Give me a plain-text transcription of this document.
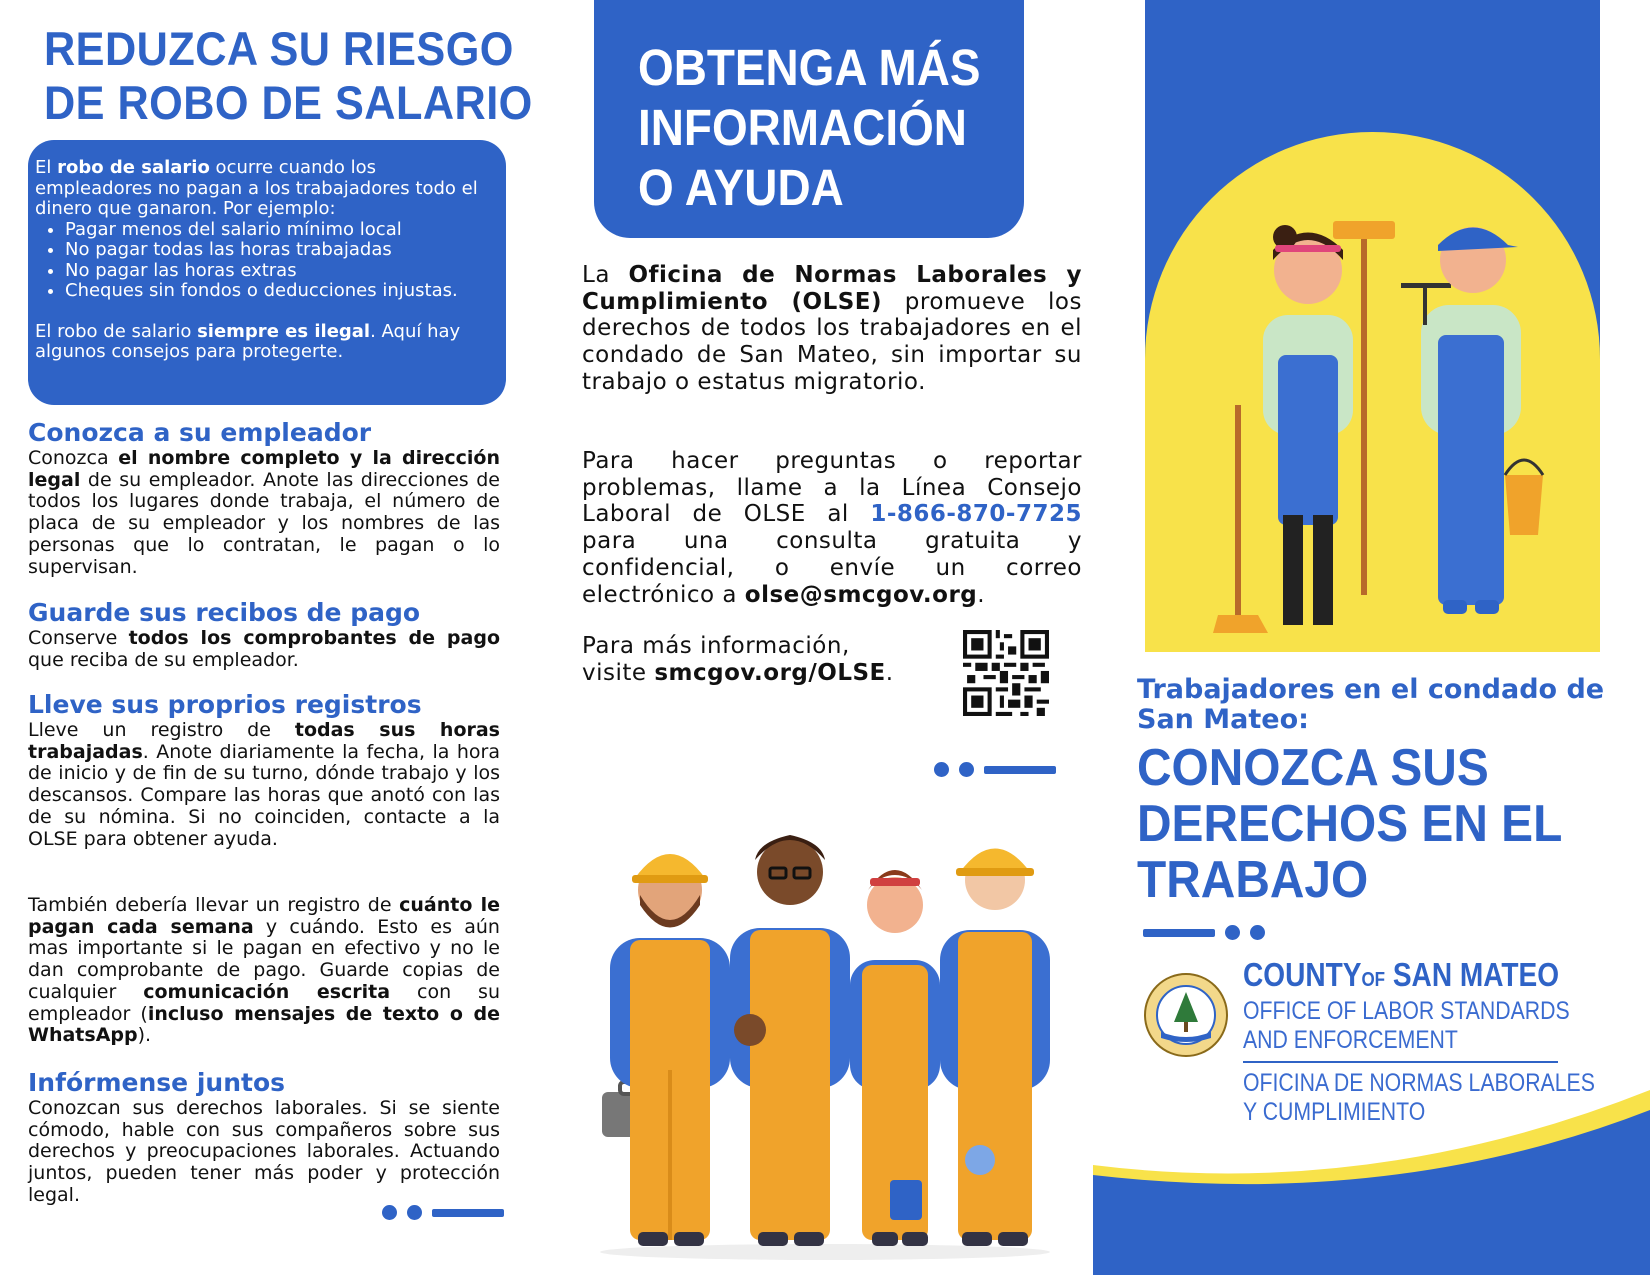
REDUZCA SU RIESGO
DE ROBO DE SALARIO

El robo de salario ocurre cuando los empleadores no pagan a los trabajadores todo el dinero que ganaron. Por ejemplo:

• Pagar menos del salario mínimo local
• No pagar todas las horas trabajadas
• No pagar las horas extras
• Cheques sin fondos o deducciones injustas.

El robo de salario siempre es ilegal. Aquí hay algunos consejos para protegerte.

Conozca a su empleador

Conozca el nombre completo y la dirección legal de su empleador. Anote las direcciones de todos los lugares donde trabaja, el número de placa de su empleador y los nombres de las personas que lo contratan, le pagan o lo supervisan.

Guarde sus recibos de pago

Conserve todos los comprobantes de pago que reciba de su empleador.

Lleve sus proprios registros

Lleve un registro de todas sus horas trabajadas. Anote diariamente la fecha, la hora de inicio y de fin de su turno, dónde trabajo y los descansos. Compare las horas que anotó con las de su nómina. Si no coinciden, contacte a la OLSE para obtener ayuda.

También debería llevar un registro de cuánto le pagan cada semana y cuándo. Esto es aún mas importante si le pagan en efectivo y no le dan comprobante de pago. Guarde copias de cualquier comunicación escrita con su empleador (incluso mensajes de texto o de WhatsApp).

Infórmense juntos

Conozcan sus derechos laborales. Si se siente cómodo, hable con sus compañeros sobre sus derechos y preocupaciones laborales. Actuando juntos, pueden tener más poder y protección legal.

OBTENGA MÁS
INFORMACIÓN
O AYUDA

La Oficina de Normas Laborales y Cumplimiento (OLSE) promueve los derechos de todos los trabajadores en el condado de San Mateo, sin importar su trabajo o estatus migratorio.

Para hacer preguntas o reportar problemas, llame a la Línea Consejo Laboral de OLSE al 1-866-870-7725 para una consulta gratuita y confidencial, o envíe un correo electrónico a olse@smcgov.org.

Para más información,
visite smcgov.org/OLSE.

Trabajadores en el condado de San Mateo:
CONOZCA SUS
DERECHOS EN EL
TRABAJO
COUNTYOF SAN MATEO
OFFICE OF LABOR STANDARDS
AND ENFORCEMENT
OFICINA DE NORMAS LABORALES
Y CUMPLIMIENTO
